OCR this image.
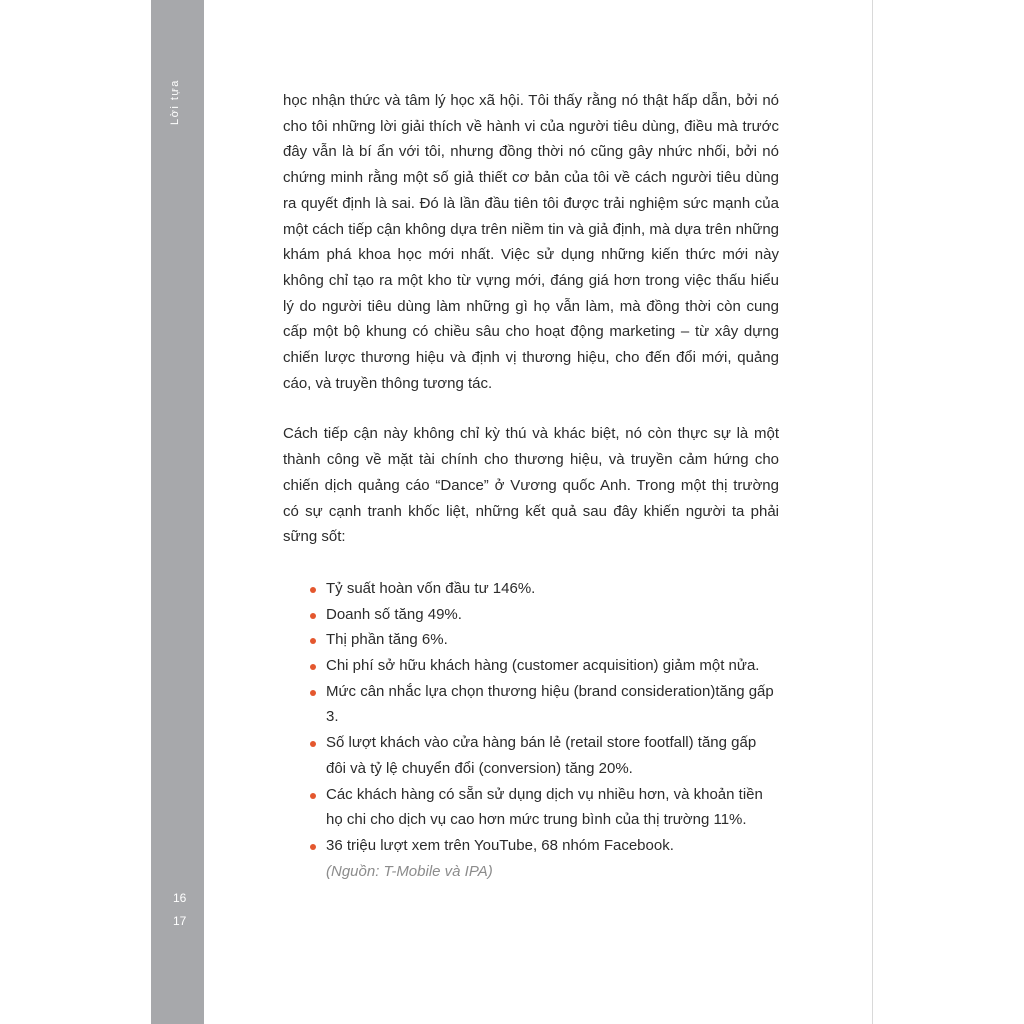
Lời tựa
16
17

học nhận thức và tâm lý học xã hội. Tôi thấy rằng nó thật hấp dẫn, bởi nó cho tôi những lời giải thích về hành vi của người tiêu dùng, điều mà trước đây vẫn là bí ẩn với tôi, nhưng đồng thời nó cũng gây nhức nhối, bởi nó chứng minh rằng một số giả thiết cơ bản của tôi về cách người tiêu dùng ra quyết định là sai. Đó là lần đầu tiên tôi được trải nghiệm sức mạnh của một cách tiếp cận không dựa trên niềm tin và giả định, mà dựa trên những khám phá khoa học mới nhất. Việc sử dụng những kiến thức mới này không chỉ tạo ra một kho từ vựng mới, đáng giá hơn trong việc thấu hiểu lý do người tiêu dùng làm những gì họ vẫn làm, mà đồng thời còn cung cấp một bộ khung có chiều sâu cho hoạt động marketing – từ xây dựng chiến lược thương hiệu và định vị thương hiệu, cho đến đổi mới, quảng cáo, và truyền thông tương tác.

Cách tiếp cận này không chỉ kỳ thú và khác biệt, nó còn thực sự là một thành công về mặt tài chính cho thương hiệu, và truyền cảm hứng cho chiến dịch quảng cáo “Dance” ở Vương quốc Anh. Trong một thị trường có sự cạnh tranh khốc liệt, những kết quả sau đây khiến người ta phải sững sốt:

Tỷ suất hoàn vốn đầu tư 146%.
Doanh số tăng 49%.
Thị phần tăng 6%.
Chi phí sở hữu khách hàng (customer acquisition) giảm một nửa.
Mức cân nhắc lựa chọn thương hiệu (brand consideration)tăng gấp 3.
Số lượt khách vào cửa hàng bán lẻ (retail store footfall) tăng gấp đôi và tỷ lệ chuyển đổi (conversion) tăng 20%.
Các khách hàng có sẵn sử dụng dịch vụ nhiều hơn, và khoản tiền họ chi cho dịch vụ cao hơn mức trung bình của thị trường 11%.
36 triệu lượt xem trên YouTube, 68 nhóm Facebook.

(Nguồn: T-Mobile và IPA)
